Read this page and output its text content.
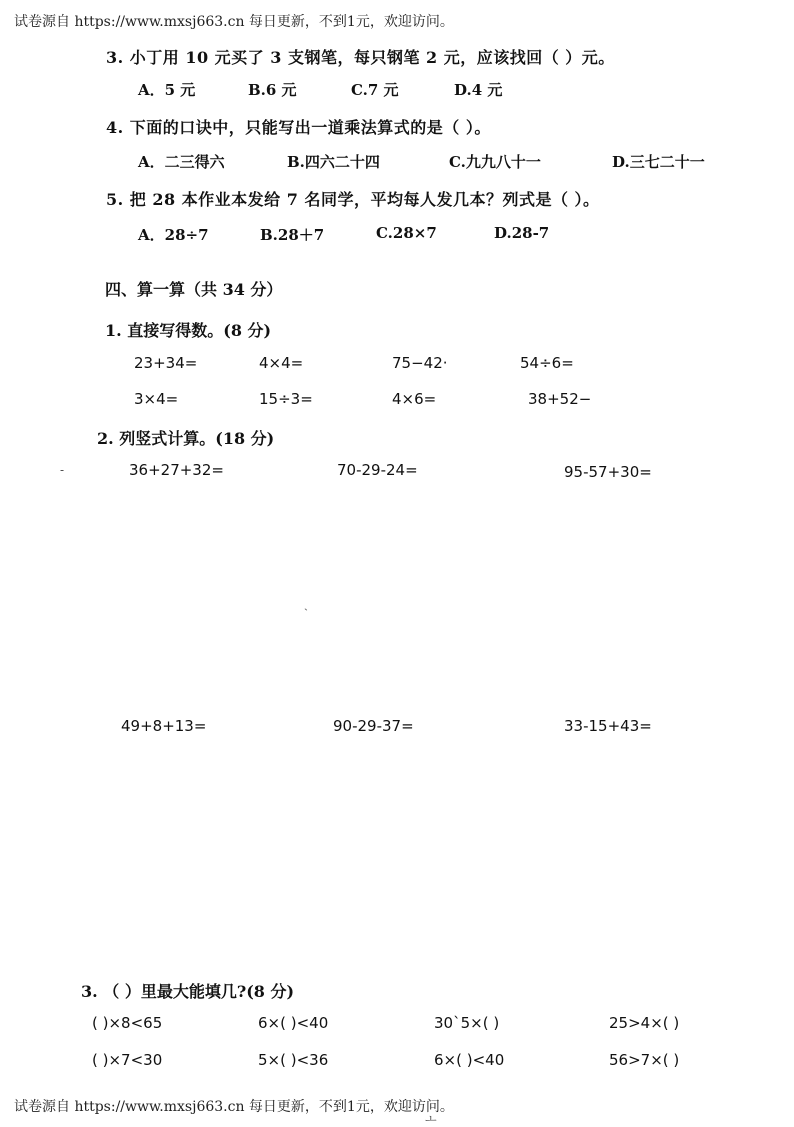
试卷源自 https://www.mxsj663.cn 每日更新，不到1元，欢迎访问。
3. 小丁用 10 元买了 3 支钢笔，每只钢笔 2 元，应该找回（ ）元。
A．5 元	B.6 元	C.7 元	D.4 元
4. 下面的口诀中，只能写出一道乘法算式的是（ ）。
A．二三得六	B.四六二十四	C.九九八十一	D.三七二十一
5. 把 28 本作业本发给 7 名同学，平均每人发几本？列式是（ ）。
A．28÷7	B.28＋7	C.28×7	D.28-7
四、算一算（共 34 分）
1. 直接写得数。(8 分)
23+34=	4×4=	75−42·	54÷6=
3×4=	15÷3=	4×6=	38+52−
2. 列竖式计算。(18 分)
-	36+27+32=	70-29-24=	95-57+30=
ˏ
49+8+13=	90-29-37=	33-15+43=
3. （ ）里最大能填几?(8 分)
( )×8<65	6×( )<40	30ˋ5×( )	25>4×( )
( )×7<30	5×( )<36	6×( )<40	56>7×( )
试卷源自 https://www.mxsj663.cn 每日更新，不到1元，欢迎访问。
ㅗ
